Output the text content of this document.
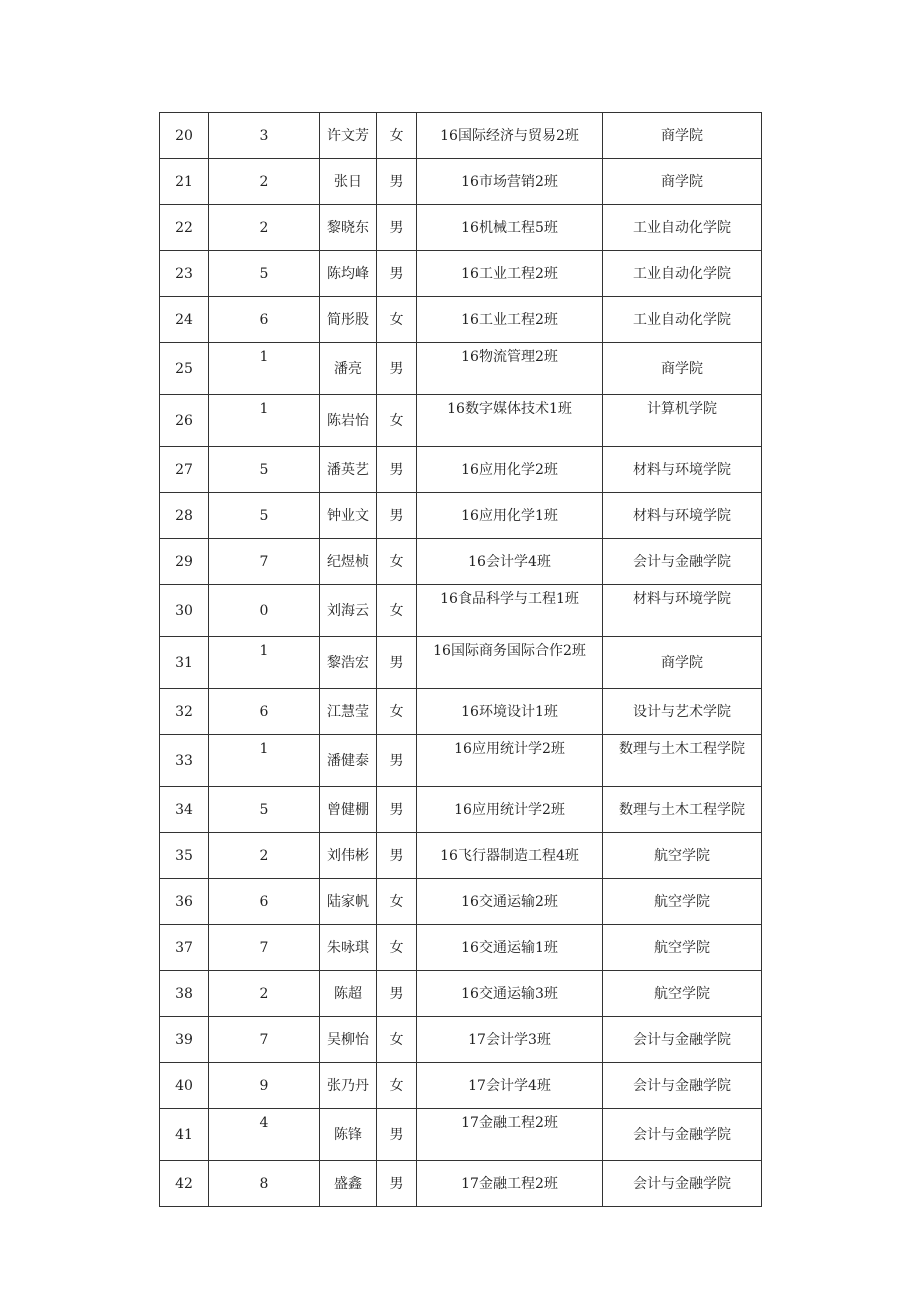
20	3	许文芳	女	16国际经济与贸易2班	商学院
21	2	张日	男	16市场营销2班	商学院
22	2	黎晓东	男	16机械工程5班	工业自动化学院
23	5	陈均峰	男	16工业工程2班	工业自动化学院
24	6	简彤股	女	16工业工程2班	工业自动化学院
25	1	潘亮	男	16物流管理2班	商学院
26	1	陈岩怡	女	16数字媒体技术1班	计算机学院
27	5	潘英艺	男	16应用化学2班	材料与环境学院
28	5	钟业文	男	16应用化学1班	材料与环境学院
29	7	纪煜桢	女	16会计学4班	会计与金融学院
30	0	刘海云	女	16食品科学与工程1班	材料与环境学院
31	1	黎浩宏	男	16国际商务国际合作2班	商学院
32	6	江慧莹	女	16环境设计1班	设计与艺术学院
33	1	潘健泰	男	16应用统计学2班	数理与土木工程学院
34	5	曾健棚	男	16应用统计学2班	数理与土木工程学院
35	2	刘伟彬	男	16飞行器制造工程4班	航空学院
36	6	陆家帆	女	16交通运输2班	航空学院
37	7	朱咏琪	女	16交通运输1班	航空学院
38	2	陈超	男	16交通运输3班	航空学院
39	7	吴柳怡	女	17会计学3班	会计与金融学院
40	9	张乃丹	女	17会计学4班	会计与金融学院
41	4	陈锋	男	17金融工程2班	会计与金融学院
42	8	盛鑫	男	17金融工程2班	会计与金融学院
